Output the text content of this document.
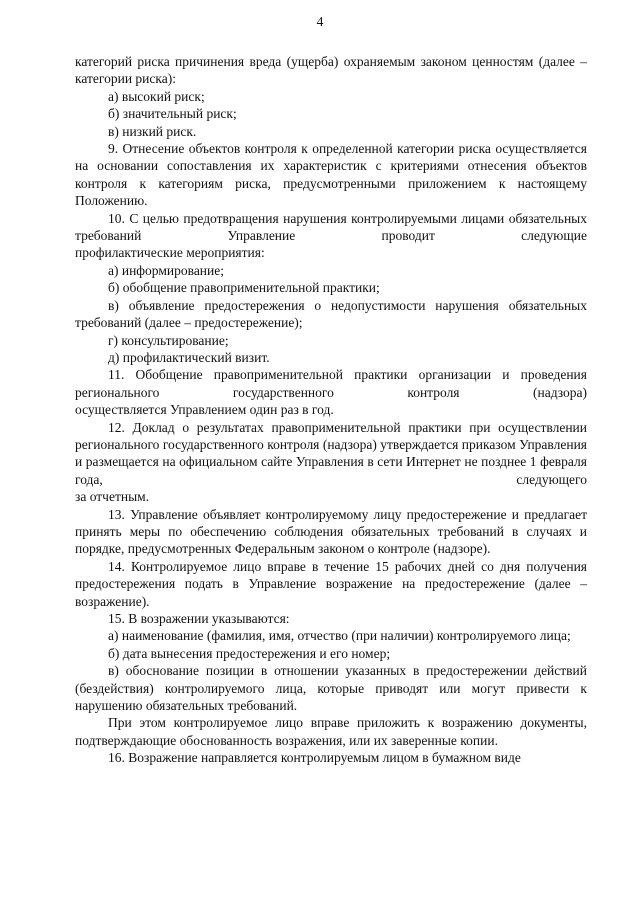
4

категорий риска причинения вреда (ущерба) охраняемым законом ценностям (далее – категории риска):

а) высокий риск;

б) значительный риск;

в) низкий риск.

9. Отнесение объектов контроля к определенной категории риска осуществляется на основании сопоставления их характеристик с критериями отнесения объектов контроля к категориям риска, предусмотренными приложением к настоящему Положению.

10. С целью предотвращения нарушения контролируемыми лицами обязательных требований Управление проводит следующие

профилактические мероприятия:

а) информирование;

б) обобщение правоприменительной практики;

в) объявление предостережения о недопустимости нарушения обязательных требований (далее – предостережение);

г) консультирование;

д) профилактический визит.

11. Обобщение правоприменительной практики организации и проведения регионального государственного контроля (надзора)

осуществляется Управлением один раз в год.

12. Доклад о результатах правоприменительной практики при осуществлении регионального государственного контроля (надзора) утверждается приказом Управления и размещается на официальном сайте Управления в сети Интернет не позднее 1 февраля года, следующего

за отчетным.

13. Управление объявляет контролируемому лицу предостережение и предлагает принять меры по обеспечению соблюдения обязательных требований в случаях и порядке, предусмотренных Федеральным законом о контроле (надзоре).

14. Контролируемое лицо вправе в течение 15 рабочих дней со дня получения предостережения подать в Управление возражение на предостережение (далее – возражение).

15. В возражении указываются:

а) наименование (фамилия, имя, отчество (при наличии) контролируемого лица;

б) дата вынесения предостережения и его номер;

в) обоснование позиции в отношении указанных в предостережении действий (бездействия) контролируемого лица, которые приводят или могут привести к нарушению обязательных требований.

При этом контролируемое лицо вправе приложить к возражению документы, подтверждающие обоснованность возражения, или их заверенные копии.

16. Возражение направляется контролируемым лицом в бумажном виде
